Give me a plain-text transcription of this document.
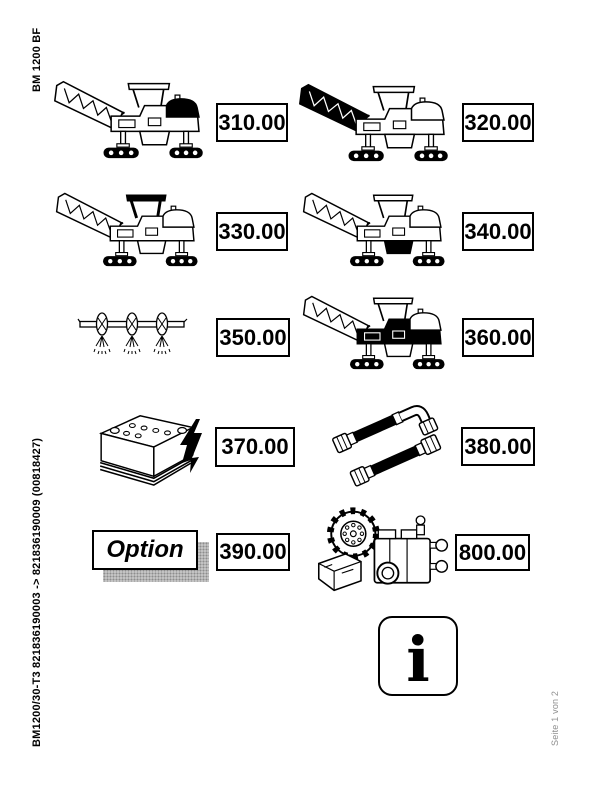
BM 1200 BF
BM1200/30-T3 821836190003 -> 821836190009 (00818427)	Seite 1 von 2
310.00	320.00
330.00	340.00
350.00	360.00
370.00	380.00
Option	390.00	800.00
i
